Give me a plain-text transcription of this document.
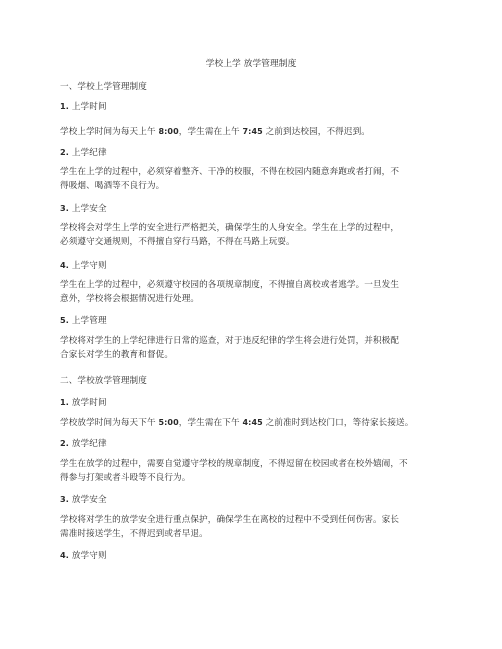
学校上学 放学管理制度
一、学校上学管理制度
1. 上学时间
学校上学时间为每天上午 8:00，学生需在上午 7:45 之前到达校园，不得迟到。
2. 上学纪律
学生在上学的过程中，必须穿着整齐、干净的校服，不得在校园内随意奔跑或者打闹，不
得吸烟、喝酒等不良行为。
3. 上学安全
学校将会对学生上学的安全进行严格把关，确保学生的人身安全。学生在上学的过程中，
必须遵守交通规则，不得擅自穿行马路，不得在马路上玩耍。
4. 上学守则
学生在上学的过程中，必须遵守校园的各项规章制度，不得擅自离校或者逃学。一旦发生
意外，学校将会根据情况进行处理。
5. 上学管理
学校将对学生的上学纪律进行日常的巡查，对于违反纪律的学生将会进行处罚，并积极配
合家长对学生的教育和督促。
二、学校放学管理制度
1. 放学时间
学校放学时间为每天下午 5:00，学生需在下午 4:45 之前准时到达校门口，等待家长接送。
2. 放学纪律
学生在放学的过程中，需要自觉遵守学校的规章制度，不得逗留在校园或者在校外嬉闹，不
得参与打架或者斗殴等不良行为。
3. 放学安全
学校将对学生的放学安全进行重点保护，确保学生在离校的过程中不受到任何伤害。家长
需准时接送学生，不得迟到或者早退。
4. 放学守则
